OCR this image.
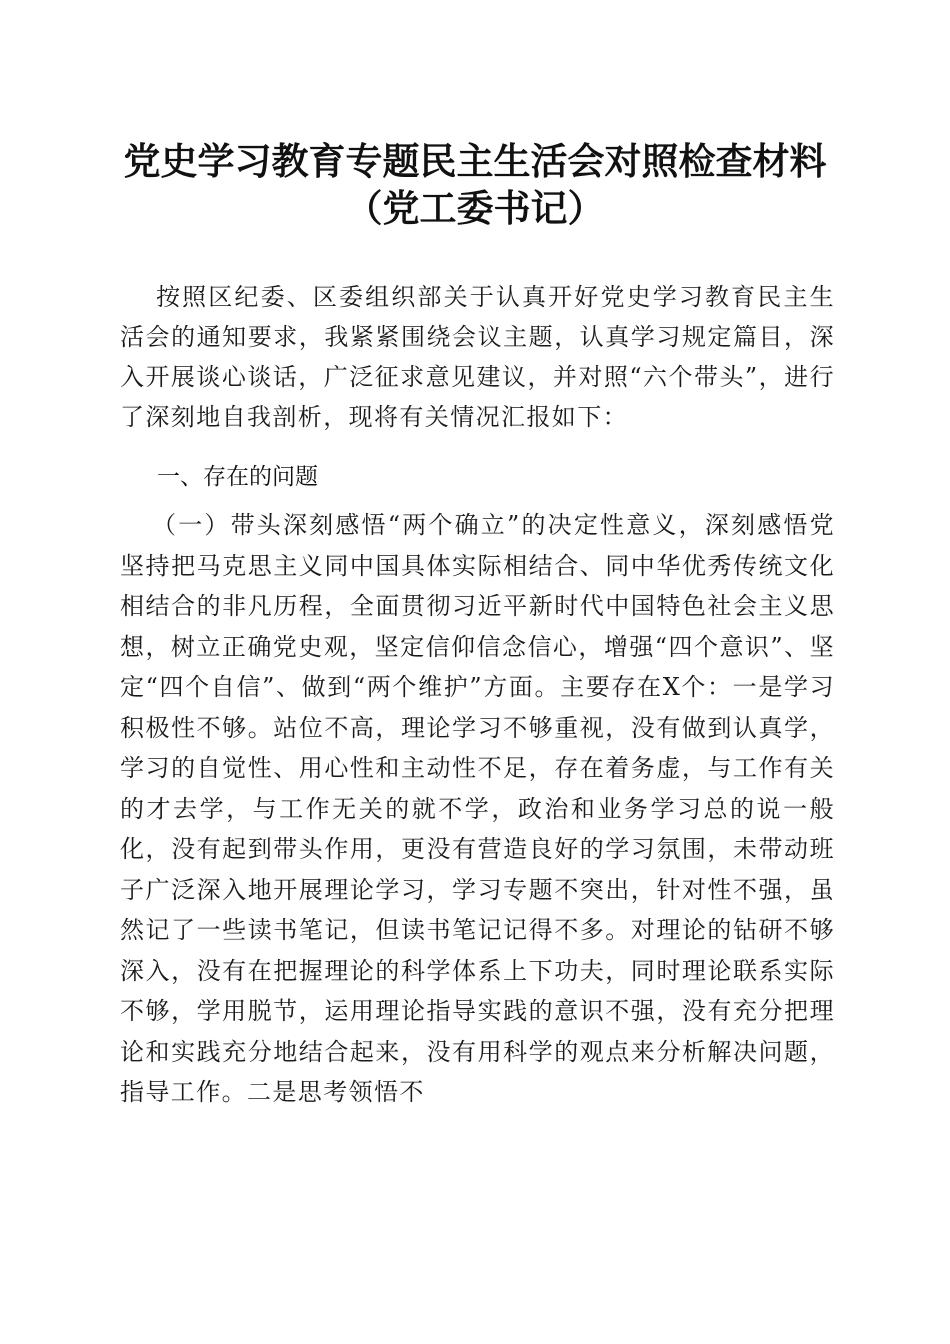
党史学习教育专题民主生活会对照检查材料
（党工委书记）
按照区纪委、区委组织部关于认真开好党史学习教育民主生活会的通知要求，我紧紧围绕会议主题，认真学习规定篇目，深入开展谈心谈话，广泛征求意见建议，并对照“六个带头”，进行了深刻地自我剖析，现将有关情况汇报如下：
一、存在的问题
（一）带头深刻感悟“两个确立”的决定性意义，深刻感悟党坚持把马克思主义同中国具体实际相结合、同中华优秀传统文化相结合的非凡历程，全面贯彻习近平新时代中国特色社会主义思想，树立正确党史观，坚定信仰信念信心，增强“四个意识”、坚定“四个自信”、做到“两个维护”方面。主要存在X个：一是学习积极性不够。站位不高，理论学习不够重视，没有做到认真学，学习的自觉性、用心性和主动性不足，存在着务虚，与工作有关的才去学，与工作无关的就不学，政治和业务学习总的说一般化，没有起到带头作用，更没有营造良好的学习氛围，未带动班子广泛深入地开展理论学习，学习专题不突出，针对性不强，虽然记了一些读书笔记，但读书笔记记得不多。对理论的钻研不够深入，没有在把握理论的科学体系上下功夫，同时理论联系实际不够，学用脱节，运用理论指导实践的意识不强，没有充分把理论和实践充分地结合起来，没有用科学的观点来分析解决问题，指导工作。二是思考领悟不
